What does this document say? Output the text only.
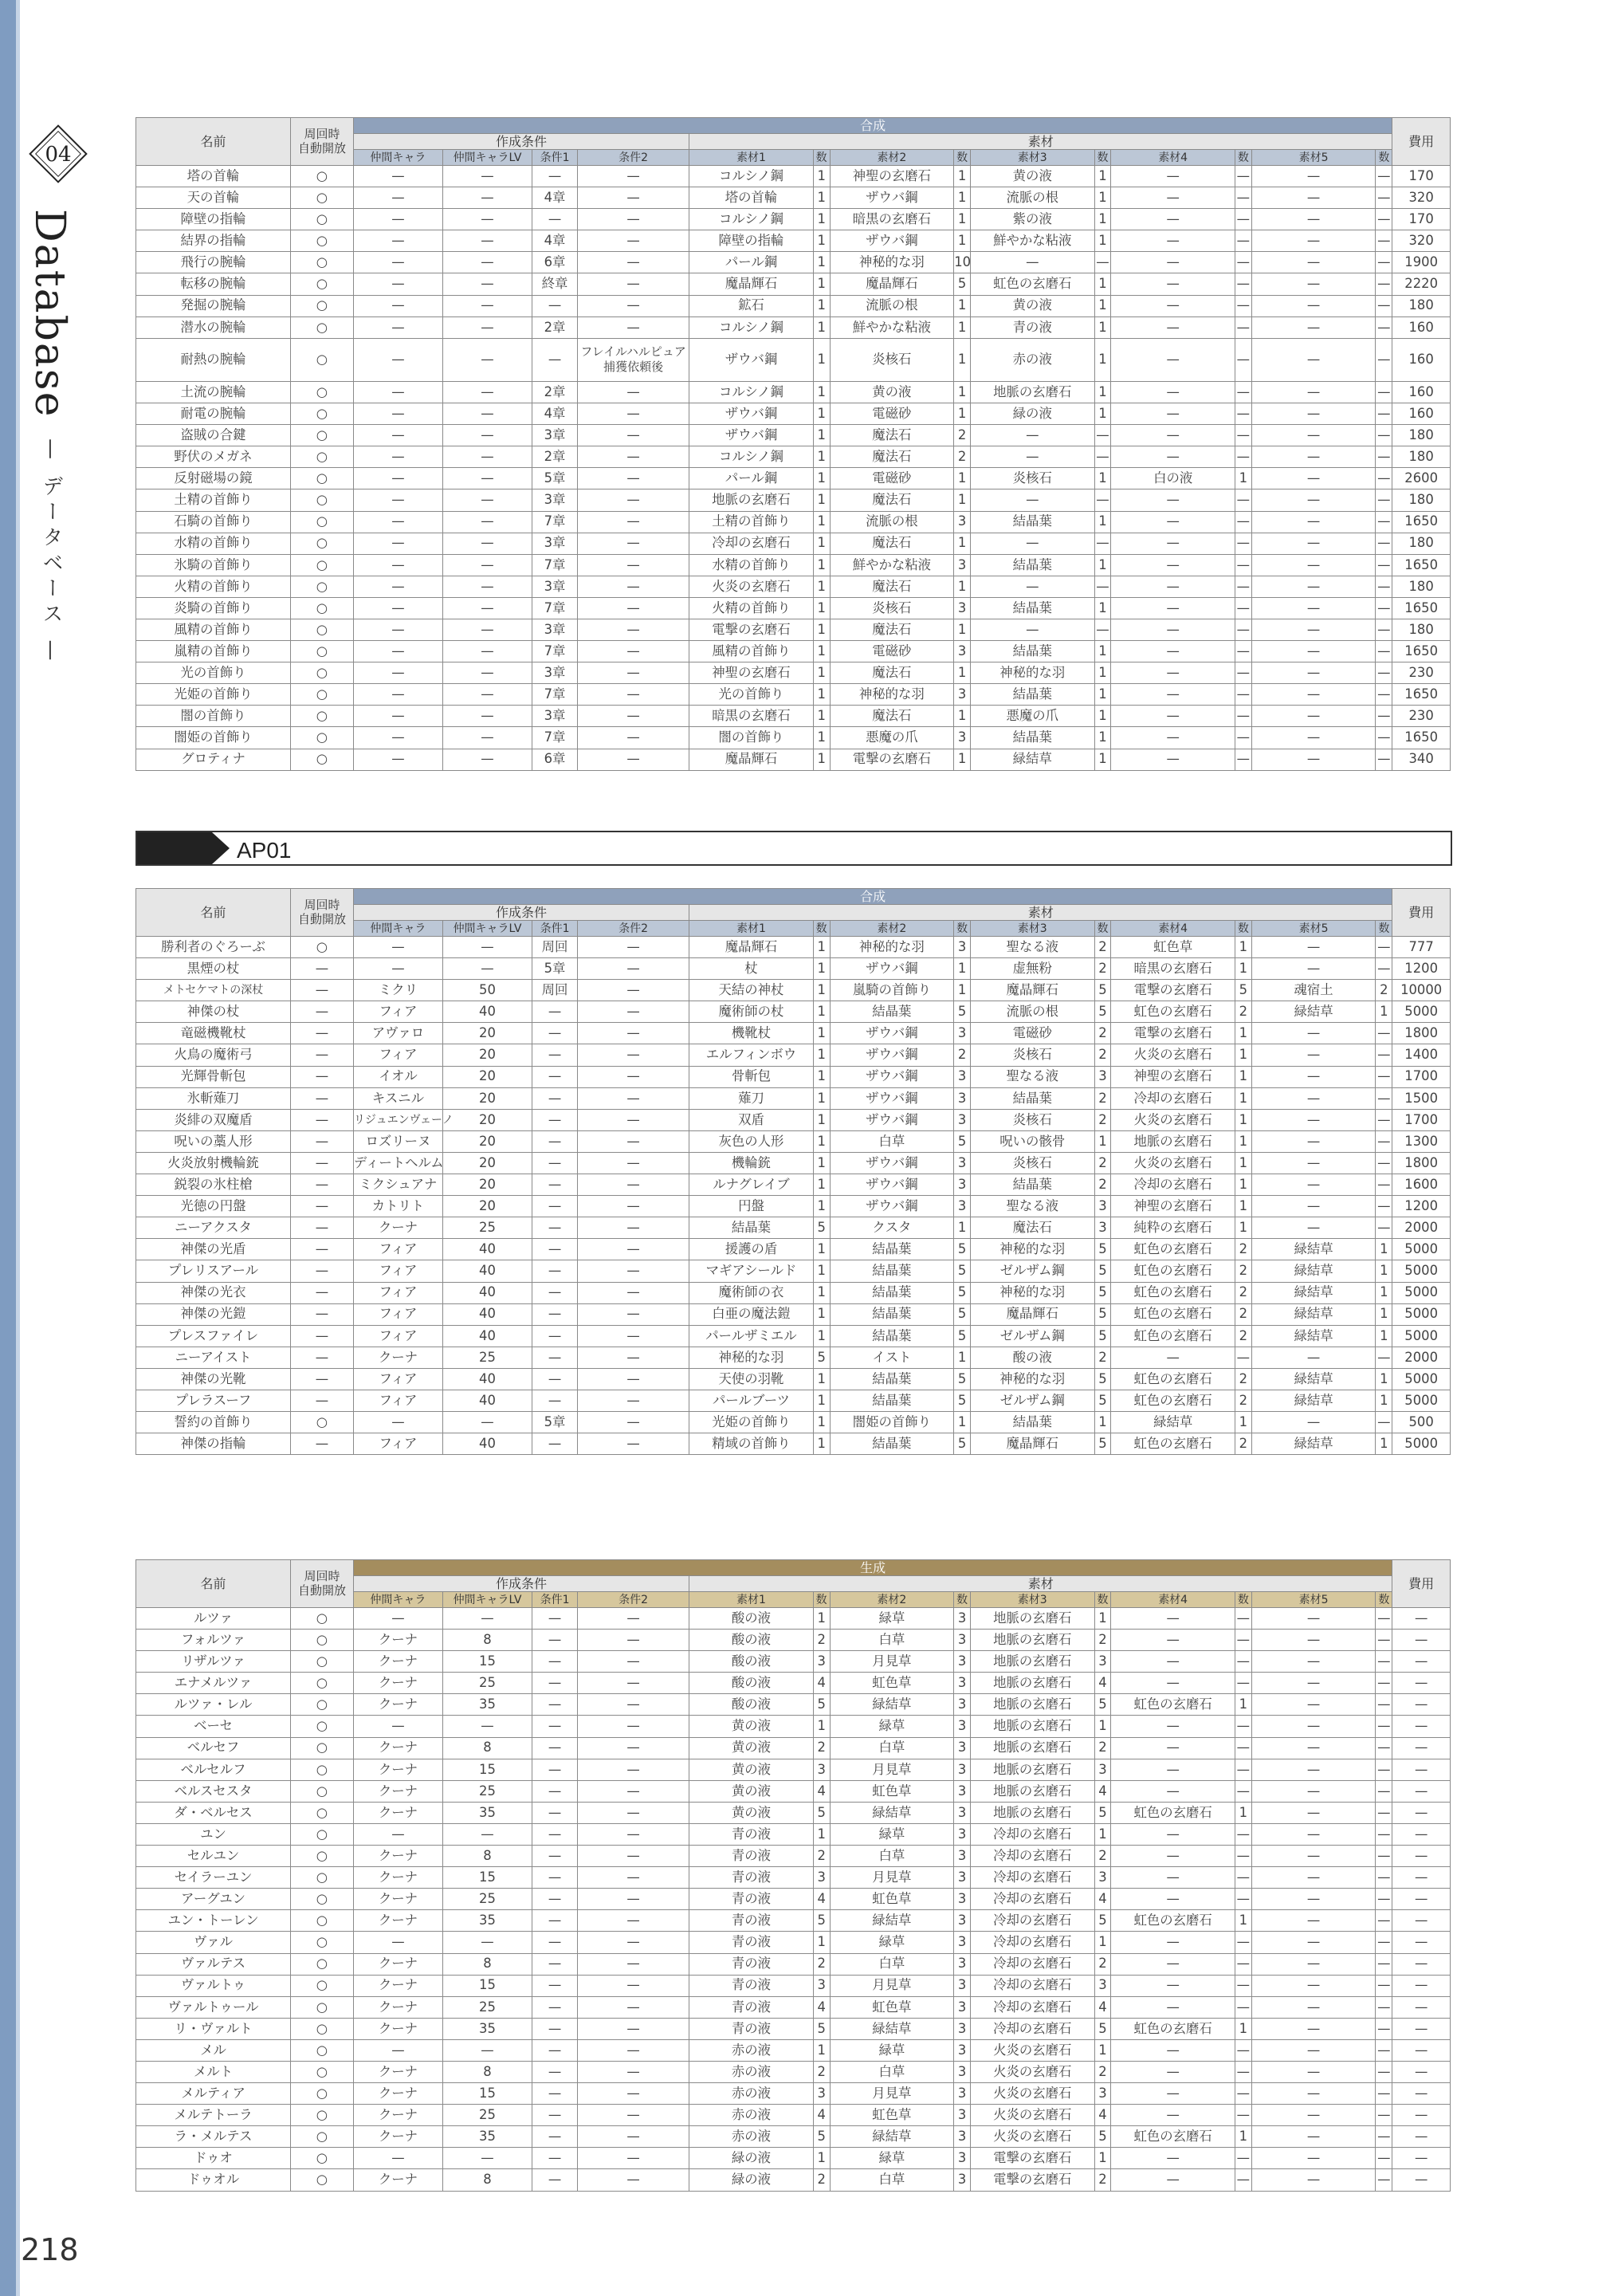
04
Database
— データベース —
名前	周回時
自動開放	合成														費用
		作成条件				素材										
		仲間キャラ	仲間キャラLV	条件1	条件2	素材1	数	素材2	数	素材3	数	素材4	数	素材5	数	
塔の首輪	○	—	—	—	—	コルシノ鋼	1	神聖の玄磨石	1	黄の液	1	—	—	—	—	170
天の首輪	○	—	—	4章	—	塔の首輪	1	ザウバ鋼	1	流脈の根	1	—	—	—	—	320
障壁の指輪	○	—	—	—	—	コルシノ鋼	1	暗黒の玄磨石	1	紫の液	1	—	—	—	—	170
結界の指輪	○	—	—	4章	—	障壁の指輪	1	ザウバ鋼	1	鮮やかな粘液	1	—	—	—	—	320
飛行の腕輪	○	—	—	6章	—	パール鋼	1	神秘的な羽	10	—	—	—	—	—	—	1900
転移の腕輪	○	—	—	終章	—	魔晶輝石	1	魔晶輝石	5	虹色の玄磨石	1	—	—	—	—	2220
発掘の腕輪	○	—	—	—	—	鉱石	1	流脈の根	1	黄の液	1	—	—	—	—	180
潜水の腕輪	○	—	—	2章	—	コルシノ鋼	1	鮮やかな粘液	1	青の液	1	—	—	—	—	160
耐熱の腕輪	○	—	—	—	フレイルハルピュア
捕獲依頼後	ザウバ鋼	1	炎核石	1	赤の液	1	—	—	—	—	160
土流の腕輪	○	—	—	2章	—	コルシノ鋼	1	黄の液	1	地脈の玄磨石	1	—	—	—	—	160
耐電の腕輪	○	—	—	4章	—	ザウバ鋼	1	電磁砂	1	緑の液	1	—	—	—	—	160
盗賊の合鍵	○	—	—	3章	—	ザウバ鋼	1	魔法石	2	—	—	—	—	—	—	180
野伏のメガネ	○	—	—	2章	—	コルシノ鋼	1	魔法石	2	—	—	—	—	—	—	180
反射磁場の鏡	○	—	—	5章	—	パール鋼	1	電磁砂	1	炎核石	1	白の液	1	—	—	2600
土精の首飾り	○	—	—	3章	—	地脈の玄磨石	1	魔法石	1	—	—	—	—	—	—	180
石騎の首飾り	○	—	—	7章	—	土精の首飾り	1	流脈の根	3	結晶葉	1	—	—	—	—	1650
水精の首飾り	○	—	—	3章	—	冷却の玄磨石	1	魔法石	1	—	—	—	—	—	—	180
氷騎の首飾り	○	—	—	7章	—	水精の首飾り	1	鮮やかな粘液	3	結晶葉	1	—	—	—	—	1650
火精の首飾り	○	—	—	3章	—	火炎の玄磨石	1	魔法石	1	—	—	—	—	—	—	180
炎騎の首飾り	○	—	—	7章	—	火精の首飾り	1	炎核石	3	結晶葉	1	—	—	—	—	1650
風精の首飾り	○	—	—	3章	—	電撃の玄磨石	1	魔法石	1	—	—	—	—	—	—	180
嵐精の首飾り	○	—	—	7章	—	風精の首飾り	1	電磁砂	3	結晶葉	1	—	—	—	—	1650
光の首飾り	○	—	—	3章	—	神聖の玄磨石	1	魔法石	1	神秘的な羽	1	—	—	—	—	230
光姫の首飾り	○	—	—	7章	—	光の首飾り	1	神秘的な羽	3	結晶葉	1	—	—	—	—	1650
闇の首飾り	○	—	—	3章	—	暗黒の玄磨石	1	魔法石	1	悪魔の爪	1	—	—	—	—	230
闇姫の首飾り	○	—	—	7章	—	闇の首飾り	1	悪魔の爪	3	結晶葉	1	—	—	—	—	1650
グロティナ	○	—	—	6章	—	魔晶輝石	1	電撃の玄磨石	1	緑結草	1	—	—	—	—	340
AP01
名前	周回時
自動開放	合成														費用
		作成条件				素材										
		仲間キャラ	仲間キャラLV	条件1	条件2	素材1	数	素材2	数	素材3	数	素材4	数	素材5	数	
勝利者のぐろーぶ	○	—	—	周回	—	魔晶輝石	1	神秘的な羽	3	聖なる液	2	虹色草	1	—	—	777
黒煙の杖	—	—	—	5章	—	杖	1	ザウバ鋼	1	虚無粉	2	暗黒の玄磨石	1	—	—	1200
メトセケマトの深杖	—	ミクリ	50	周回	—	天結の神杖	1	嵐騎の首飾り	1	魔晶輝石	5	電撃の玄磨石	5	魂宿土	2	10000
神傑の杖	—	フィア	40	—	—	魔術師の杖	1	結晶葉	5	流脈の根	5	虹色の玄磨石	2	緑結草	1	5000
竜磁機靴杖	—	アヴァロ	20	—	—	機靴杖	1	ザウバ鋼	3	電磁砂	2	電撃の玄磨石	1	—	—	1800
火鳥の魔術弓	—	フィア	20	—	—	エルフィンボウ	1	ザウバ鋼	2	炎核石	2	火炎の玄磨石	1	—	—	1400
光輝骨斬包	—	イオル	20	—	—	骨斬包	1	ザウバ鋼	3	聖なる液	3	神聖の玄磨石	1	—	—	1700
氷斬薙刀	—	キスニル	20	—	—	薙刀	1	ザウバ鋼	3	結晶葉	2	冷却の玄磨石	1	—	—	1500
炎緋の双魔盾	—	リジュエンヴェーノ	20	—	—	双盾	1	ザウバ鋼	3	炎核石	2	火炎の玄磨石	1	—	—	1700
呪いの藁人形	—	ロズリーヌ	20	—	—	灰色の人形	1	白草	5	呪いの骸骨	1	地脈の玄磨石	1	—	—	1300
火炎放射機輪銃	—	ディートヘルム	20	—	—	機輪銃	1	ザウバ鋼	3	炎核石	2	火炎の玄磨石	1	—	—	1800
鋭裂の氷柱槍	—	ミクシュアナ	20	—	—	ルナグレイブ	1	ザウバ鋼	3	結晶葉	2	冷却の玄磨石	1	—	—	1600
光徳の円盤	—	カトリト	20	—	—	円盤	1	ザウバ鋼	3	聖なる液	3	神聖の玄磨石	1	—	—	1200
ニーアクスタ	—	クーナ	25	—	—	結晶葉	5	クスタ	1	魔法石	3	純粋の玄磨石	1	—	—	2000
神傑の光盾	—	フィア	40	—	—	援護の盾	1	結晶葉	5	神秘的な羽	5	虹色の玄磨石	2	緑結草	1	5000
プレリスアール	—	フィア	40	—	—	マギアシールド	1	結晶葉	5	ゼルザム鋼	5	虹色の玄磨石	2	緑結草	1	5000
神傑の光衣	—	フィア	40	—	—	魔術師の衣	1	結晶葉	5	神秘的な羽	5	虹色の玄磨石	2	緑結草	1	5000
神傑の光鎧	—	フィア	40	—	—	白亜の魔法鎧	1	結晶葉	5	魔晶輝石	5	虹色の玄磨石	2	緑結草	1	5000
プレスファイレ	—	フィア	40	—	—	パールザミエル	1	結晶葉	5	ゼルザム鋼	5	虹色の玄磨石	2	緑結草	1	5000
ニーアイスト	—	クーナ	25	—	—	神秘的な羽	5	イスト	1	酸の液	2	—	—	—	—	2000
神傑の光靴	—	フィア	40	—	—	天使の羽靴	1	結晶葉	5	神秘的な羽	5	虹色の玄磨石	2	緑結草	1	5000
プレラスーフ	—	フィア	40	—	—	パールブーツ	1	結晶葉	5	ゼルザム鋼	5	虹色の玄磨石	2	緑結草	1	5000
誓約の首飾り	○	—	—	5章	—	光姫の首飾り	1	闇姫の首飾り	1	結晶葉	1	緑結草	1	—	—	500
神傑の指輪	—	フィア	40	—	—	精域の首飾り	1	結晶葉	5	魔晶輝石	5	虹色の玄磨石	2	緑結草	1	5000
名前	周回時
自動開放	生成														費用
		作成条件				素材										
		仲間キャラ	仲間キャラLV	条件1	条件2	素材1	数	素材2	数	素材3	数	素材4	数	素材5	数	
ルツァ	○	—	—	—	—	酸の液	1	緑草	3	地脈の玄磨石	1	—	—	—	—	—
フォルツァ	○	クーナ	8	—	—	酸の液	2	白草	3	地脈の玄磨石	2	—	—	—	—	—
リザルツァ	○	クーナ	15	—	—	酸の液	3	月見草	3	地脈の玄磨石	3	—	—	—	—	—
エナメルツァ	○	クーナ	25	—	—	酸の液	4	虹色草	3	地脈の玄磨石	4	—	—	—	—	—
ルツァ・レル	○	クーナ	35	—	—	酸の液	5	緑結草	3	地脈の玄磨石	5	虹色の玄磨石	1	—	—	—
ベーセ	○	—	—	—	—	黄の液	1	緑草	3	地脈の玄磨石	1	—	—	—	—	—
ベルセフ	○	クーナ	8	—	—	黄の液	2	白草	3	地脈の玄磨石	2	—	—	—	—	—
ベルセルフ	○	クーナ	15	—	—	黄の液	3	月見草	3	地脈の玄磨石	3	—	—	—	—	—
ベルスセスタ	○	クーナ	25	—	—	黄の液	4	虹色草	3	地脈の玄磨石	4	—	—	—	—	—
ダ・ベルセス	○	クーナ	35	—	—	黄の液	5	緑結草	3	地脈の玄磨石	5	虹色の玄磨石	1	—	—	—
ユン	○	—	—	—	—	青の液	1	緑草	3	冷却の玄磨石	1	—	—	—	—	—
セルユン	○	クーナ	8	—	—	青の液	2	白草	3	冷却の玄磨石	2	—	—	—	—	—
セイラーユン	○	クーナ	15	—	—	青の液	3	月見草	3	冷却の玄磨石	3	—	—	—	—	—
アーグユン	○	クーナ	25	—	—	青の液	4	虹色草	3	冷却の玄磨石	4	—	—	—	—	—
ユン・トーレン	○	クーナ	35	—	—	青の液	5	緑結草	3	冷却の玄磨石	5	虹色の玄磨石	1	—	—	—
ヴァル	○	—	—	—	—	青の液	1	緑草	3	冷却の玄磨石	1	—	—	—	—	—
ヴァルテス	○	クーナ	8	—	—	青の液	2	白草	3	冷却の玄磨石	2	—	—	—	—	—
ヴァルトゥ	○	クーナ	15	—	—	青の液	3	月見草	3	冷却の玄磨石	3	—	—	—	—	—
ヴァルトゥール	○	クーナ	25	—	—	青の液	4	虹色草	3	冷却の玄磨石	4	—	—	—	—	—
リ・ヴァルト	○	クーナ	35	—	—	青の液	5	緑結草	3	冷却の玄磨石	5	虹色の玄磨石	1	—	—	—
メル	○	—	—	—	—	赤の液	1	緑草	3	火炎の玄磨石	1	—	—	—	—	—
メルト	○	クーナ	8	—	—	赤の液	2	白草	3	火炎の玄磨石	2	—	—	—	—	—
メルティア	○	クーナ	15	—	—	赤の液	3	月見草	3	火炎の玄磨石	3	—	—	—	—	—
メルテトーラ	○	クーナ	25	—	—	赤の液	4	虹色草	3	火炎の玄磨石	4	—	—	—	—	—
ラ・メルテス	○	クーナ	35	—	—	赤の液	5	緑結草	3	火炎の玄磨石	5	虹色の玄磨石	1	—	—	—
ドゥオ	○	—	—	—	—	緑の液	1	緑草	3	電撃の玄磨石	1	—	—	—	—	—
ドゥオル	○	クーナ	8	—	—	緑の液	2	白草	3	電撃の玄磨石	2	—	—	—	—	—
218
